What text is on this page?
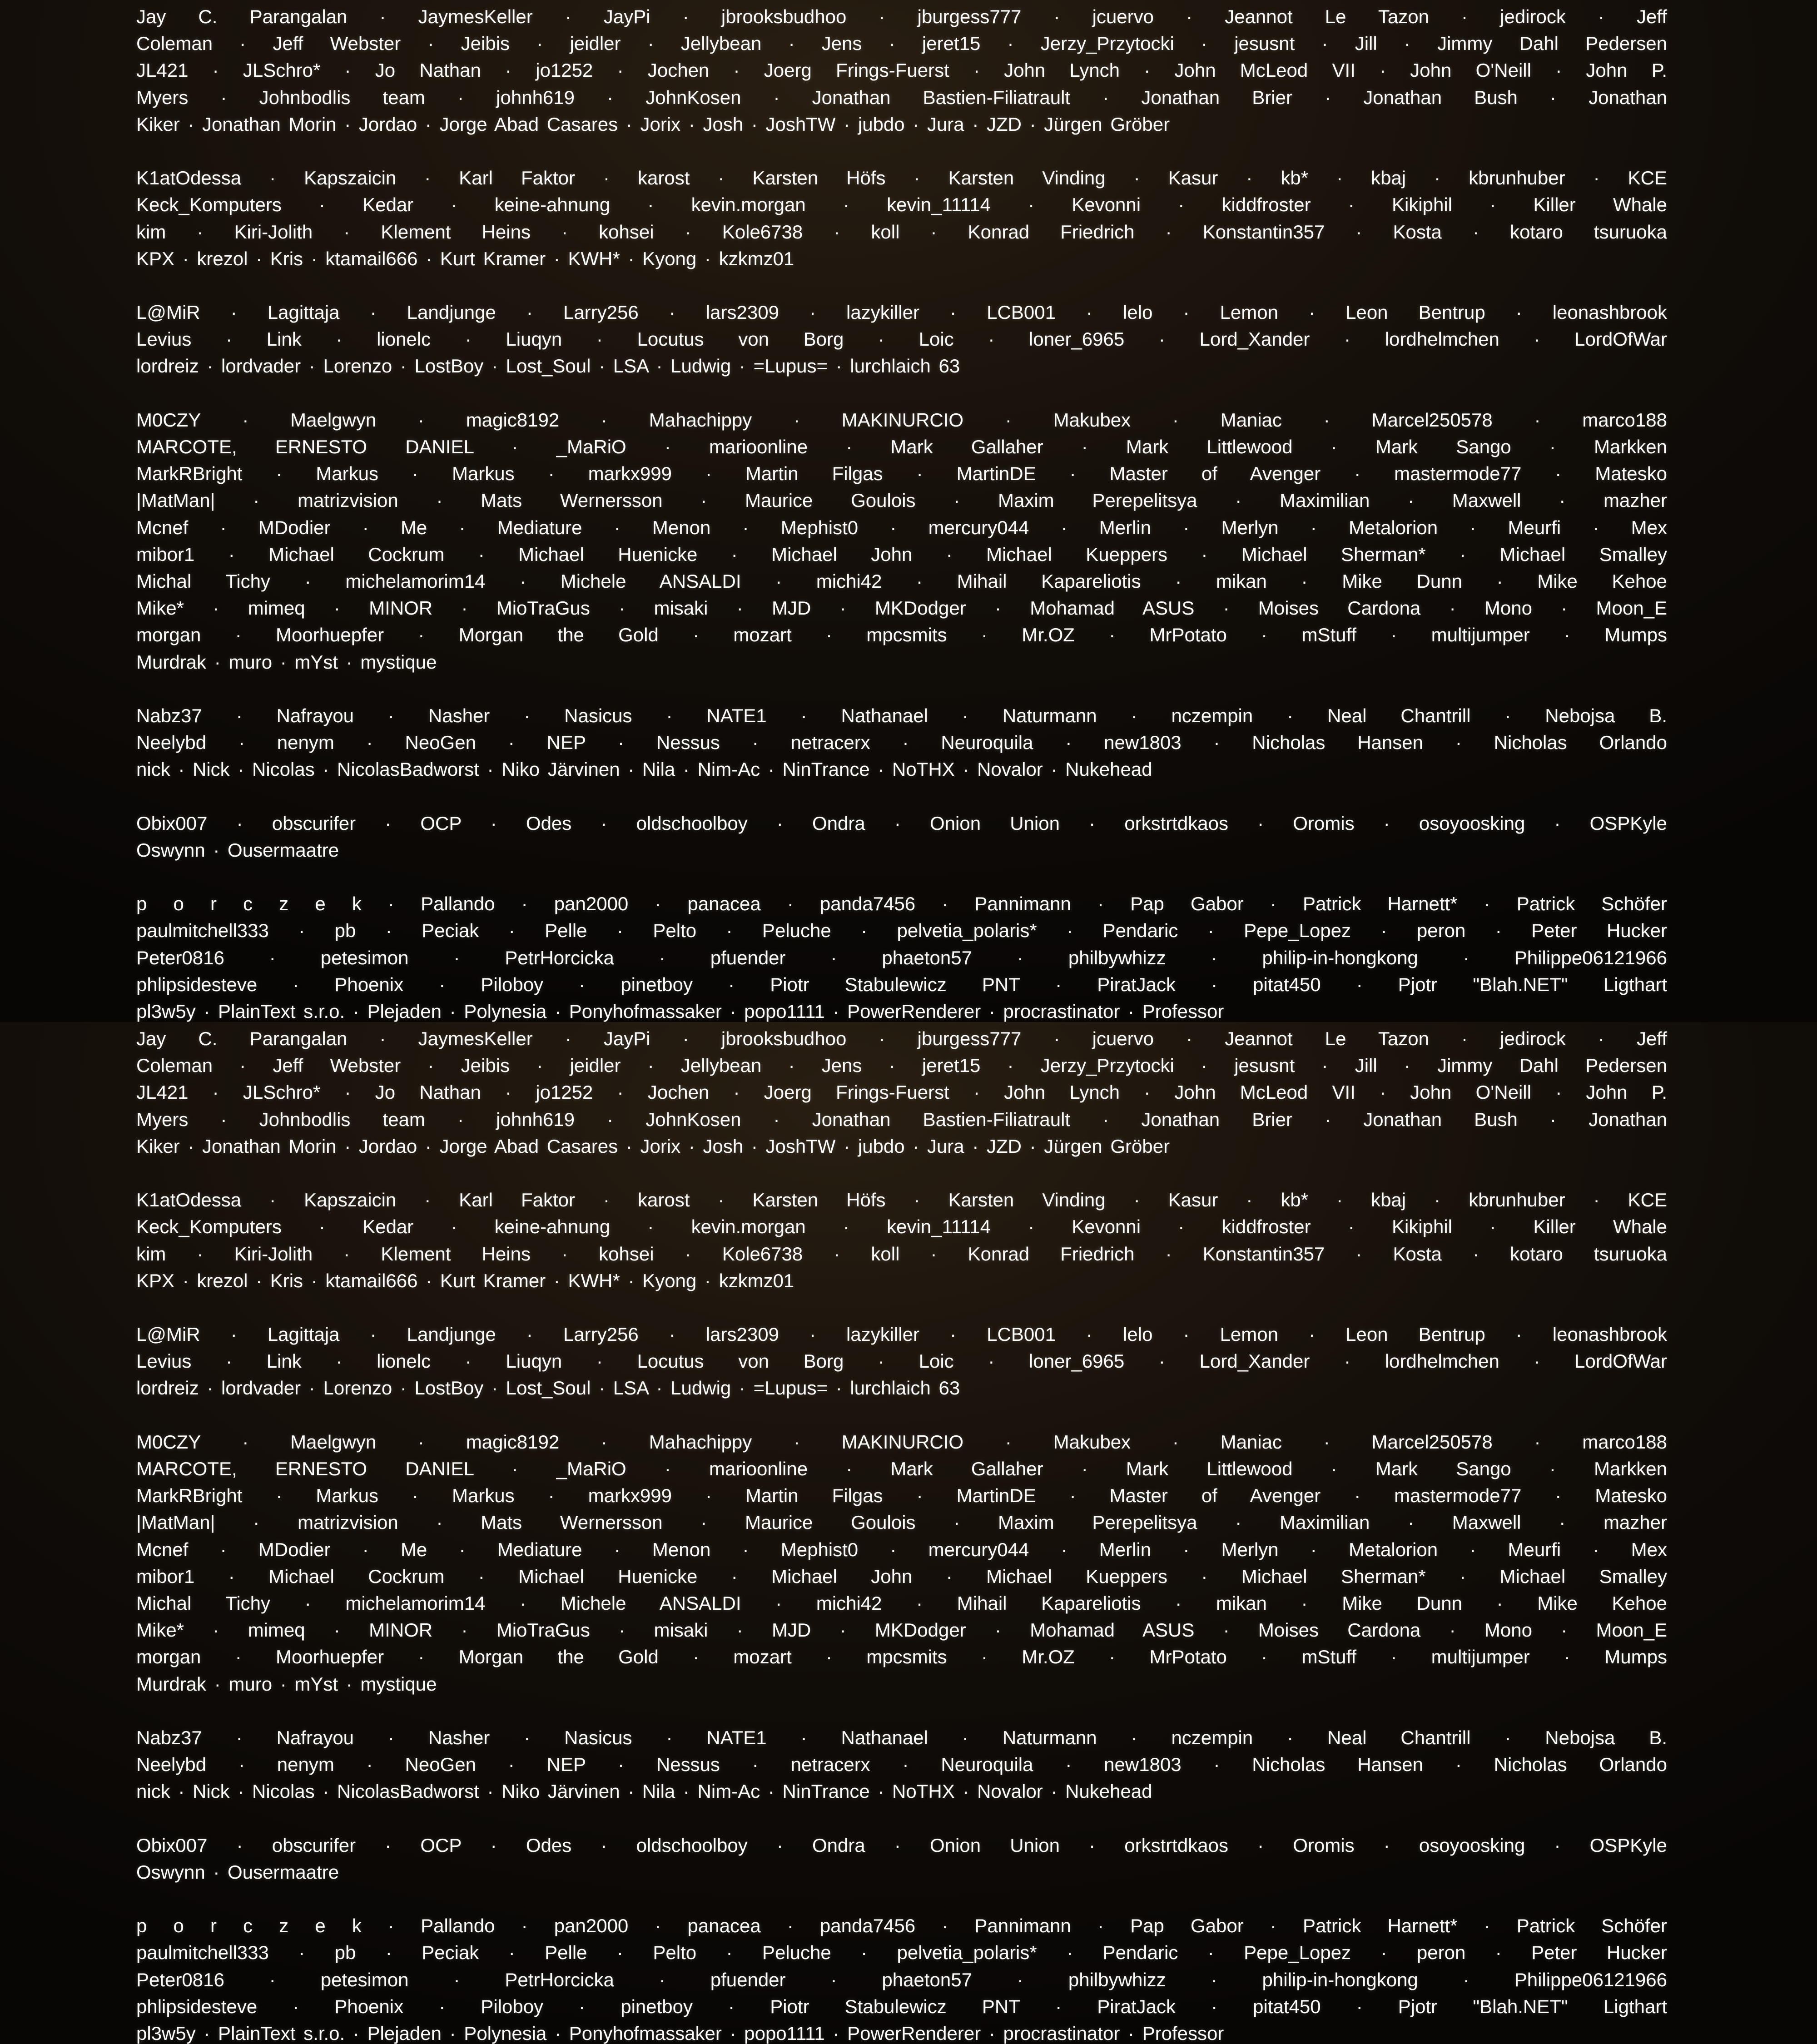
Jay C. Parangalan · JaymesKeller · JayPi · jbrooksbudhoo · jburgess777 · jcuervo · Jeannot Le Tazon · jedirock · Jeff
Coleman · Jeff Webster · Jeibis · jeidler · Jellybean · Jens · jeret15 · Jerzy_Przytocki · jesusnt · Jill · Jimmy Dahl Pedersen
JL421 · JLSchro* · Jo Nathan · jo1252 · Jochen · Joerg Frings-Fuerst · John Lynch · John McLeod VII · John O'Neill · John P.
Myers · Johnbodlis team · johnh619 · JohnKosen · Jonathan Bastien-Filiatrault · Jonathan Brier · Jonathan Bush · Jonathan
Kiker · Jonathan Morin · Jordao · Jorge Abad Casares · Jorix · Josh · JoshTW · jubdo · Jura · JZD · Jürgen Gröber

K1atOdessa · Kapszaicin · Karl Faktor · karost · Karsten Höfs · Karsten Vinding · Kasur · kb* · kbaj · kbrunhuber · KCE
Keck_Komputers · Kedar · keine-ahnung · kevin.morgan · kevin_11114 · Kevonni · kiddfroster · Kikiphil · Killer Whale
kim · Kiri-Jolith · Klement Heins · kohsei · Kole6738 · koll · Konrad Friedrich · Konstantin357 · Kosta · kotaro tsuruoka
KPX · krezol · Kris · ktamail666 · Kurt Kramer · KWH* · Kyong · kzkmz01

L@MiR · Lagittaja · Landjunge · Larry256 · lars2309 · lazykiller · LCB001 · lelo · Lemon · Leon Bentrup · leonashbrook
Levius · Link · lionelc · Liuqyn · Locutus von Borg · Loic · loner_6965 · Lord_Xander · lordhelmchen · LordOfWar
lordreiz · lordvader · Lorenzo · LostBoy · Lost_Soul · LSA · Ludwig · =Lupus= · lurchlaich 63

M0CZY · Maelgwyn · magic8192 · Mahachippy · MAKINURCIO · Makubex · Maniac · Marcel250578 · marco188
MARCOTE, ERNESTO DANIEL · _MaRiO · marioonline · Mark Gallaher · Mark Littlewood · Mark Sango · Markken
MarkRBright · Markus · Markus · markx999 · Martin Filgas · MartinDE · Master of Avenger · mastermode77 · Matesko
|MatMan| · matrizvision · Mats Wernersson · Maurice Goulois · Maxim Perepelitsya · Maximilian · Maxwell · mazher
Mcnef · MDodier · Me · Mediature · Menon · Mephist0 · mercury044 · Merlin · Merlyn · Metalorion · Meurfi · Mex
mibor1 · Michael Cockrum · Michael Huenicke · Michael John · Michael Kueppers · Michael Sherman* · Michael Smalley
Michal Tichy · michelamorim14 · Michele ANSALDI · michi42 · Mihail Kapareliotis · mikan · Mike Dunn · Mike Kehoe
Mike* · mimeq · MINOR · MioTraGus · misaki · MJD · MKDodger · Mohamad ASUS · Moises Cardona · Mono · Moon_E
morgan · Moorhuepfer · Morgan the Gold · mozart · mpcsmits · Mr.OZ · MrPotato · mStuff · multijumper · Mumps
Murdrak · muro · mYst · mystique

Nabz37 · Nafrayou · Nasher · Nasicus · NATE1 · Nathanael · Naturmann · nczempin · Neal Chantrill · Nebojsa B.
Neelybd · nenym · NeoGen · NEP · Nessus · netracerx · Neuroquila · new1803 · Nicholas Hansen · Nicholas Orlando
nick · Nick · Nicolas · NicolasBadworst · Niko Järvinen · Nila · Nim-Ac · NinTrance · NoTHX · Novalor · Nukehead

Obix007 · obscurifer · OCP · Odes · oldschoolboy · Ondra · Onion Union · orkstrtdkaos · Oromis · osoyoosking · OSPKyle
Oswynn · Ousermaatre

p o r c z e k · Pallando · pan2000 · panacea · panda7456 · Pannimann · Pap Gabor · Patrick Harnett* · Patrick Schöfer
paulmitchell333 · pb · Peciak · Pelle · Pelto · Peluche · pelvetia_polaris* · Pendaric · Pepe_Lopez · peron · Peter Hucker
Peter0816 · petesimon · PetrHorcicka · pfuender · phaeton57 · philbywhizz · philip-in-hongkong · Philippe06121966
phlipsidesteve · Phoenix · Piloboy · pinetboy · Piotr Stabulewicz PNT · PiratJack · pitat450 · Pjotr "Blah.NET" Ligthart
pl3w5y · PlainText s.r.o. · Plejaden · Polynesia · Ponyhofmassaker · popo1111 · PowerRenderer · procrastinator · Professor

Jay C. Parangalan · JaymesKeller · JayPi · jbrooksbudhoo · jburgess777 · jcuervo · Jeannot Le Tazon · jedirock · Jeff
Coleman · Jeff Webster · Jeibis · jeidler · Jellybean · Jens · jeret15 · Jerzy_Przytocki · jesusnt · Jill · Jimmy Dahl Pedersen
JL421 · JLSchro* · Jo Nathan · jo1252 · Jochen · Joerg Frings-Fuerst · John Lynch · John McLeod VII · John O'Neill · John P.
Myers · Johnbodlis team · johnh619 · JohnKosen · Jonathan Bastien-Filiatrault · Jonathan Brier · Jonathan Bush · Jonathan
Kiker · Jonathan Morin · Jordao · Jorge Abad Casares · Jorix · Josh · JoshTW · jubdo · Jura · JZD · Jürgen Gröber

K1atOdessa · Kapszaicin · Karl Faktor · karost · Karsten Höfs · Karsten Vinding · Kasur · kb* · kbaj · kbrunhuber · KCE
Keck_Komputers · Kedar · keine-ahnung · kevin.morgan · kevin_11114 · Kevonni · kiddfroster · Kikiphil · Killer Whale
kim · Kiri-Jolith · Klement Heins · kohsei · Kole6738 · koll · Konrad Friedrich · Konstantin357 · Kosta · kotaro tsuruoka
KPX · krezol · Kris · ktamail666 · Kurt Kramer · KWH* · Kyong · kzkmz01

L@MiR · Lagittaja · Landjunge · Larry256 · lars2309 · lazykiller · LCB001 · lelo · Lemon · Leon Bentrup · leonashbrook
Levius · Link · lionelc · Liuqyn · Locutus von Borg · Loic · loner_6965 · Lord_Xander · lordhelmchen · LordOfWar
lordreiz · lordvader · Lorenzo · LostBoy · Lost_Soul · LSA · Ludwig · =Lupus= · lurchlaich 63

M0CZY · Maelgwyn · magic8192 · Mahachippy · MAKINURCIO · Makubex · Maniac · Marcel250578 · marco188
MARCOTE, ERNESTO DANIEL · _MaRiO · marioonline · Mark Gallaher · Mark Littlewood · Mark Sango · Markken
MarkRBright · Markus · Markus · markx999 · Martin Filgas · MartinDE · Master of Avenger · mastermode77 · Matesko
|MatMan| · matrizvision · Mats Wernersson · Maurice Goulois · Maxim Perepelitsya · Maximilian · Maxwell · mazher
Mcnef · MDodier · Me · Mediature · Menon · Mephist0 · mercury044 · Merlin · Merlyn · Metalorion · Meurfi · Mex
mibor1 · Michael Cockrum · Michael Huenicke · Michael John · Michael Kueppers · Michael Sherman* · Michael Smalley
Michal Tichy · michelamorim14 · Michele ANSALDI · michi42 · Mihail Kapareliotis · mikan · Mike Dunn · Mike Kehoe
Mike* · mimeq · MINOR · MioTraGus · misaki · MJD · MKDodger · Mohamad ASUS · Moises Cardona · Mono · Moon_E
morgan · Moorhuepfer · Morgan the Gold · mozart · mpcsmits · Mr.OZ · MrPotato · mStuff · multijumper · Mumps
Murdrak · muro · mYst · mystique

Nabz37 · Nafrayou · Nasher · Nasicus · NATE1 · Nathanael · Naturmann · nczempin · Neal Chantrill · Nebojsa B.
Neelybd · nenym · NeoGen · NEP · Nessus · netracerx · Neuroquila · new1803 · Nicholas Hansen · Nicholas Orlando
nick · Nick · Nicolas · NicolasBadworst · Niko Järvinen · Nila · Nim-Ac · NinTrance · NoTHX · Novalor · Nukehead

Obix007 · obscurifer · OCP · Odes · oldschoolboy · Ondra · Onion Union · orkstrtdkaos · Oromis · osoyoosking · OSPKyle
Oswynn · Ousermaatre

p o r c z e k · Pallando · pan2000 · panacea · panda7456 · Pannimann · Pap Gabor · Patrick Harnett* · Patrick Schöfer
paulmitchell333 · pb · Peciak · Pelle · Pelto · Peluche · pelvetia_polaris* · Pendaric · Pepe_Lopez · peron · Peter Hucker
Peter0816 · petesimon · PetrHorcicka · pfuender · phaeton57 · philbywhizz · philip-in-hongkong · Philippe06121966
phlipsidesteve · Phoenix · Piloboy · pinetboy · Piotr Stabulewicz PNT · PiratJack · pitat450 · Pjotr "Blah.NET" Ligthart
pl3w5y · PlainText s.r.o. · Plejaden · Polynesia · Ponyhofmassaker · popo1111 · PowerRenderer · procrastinator · Professor
